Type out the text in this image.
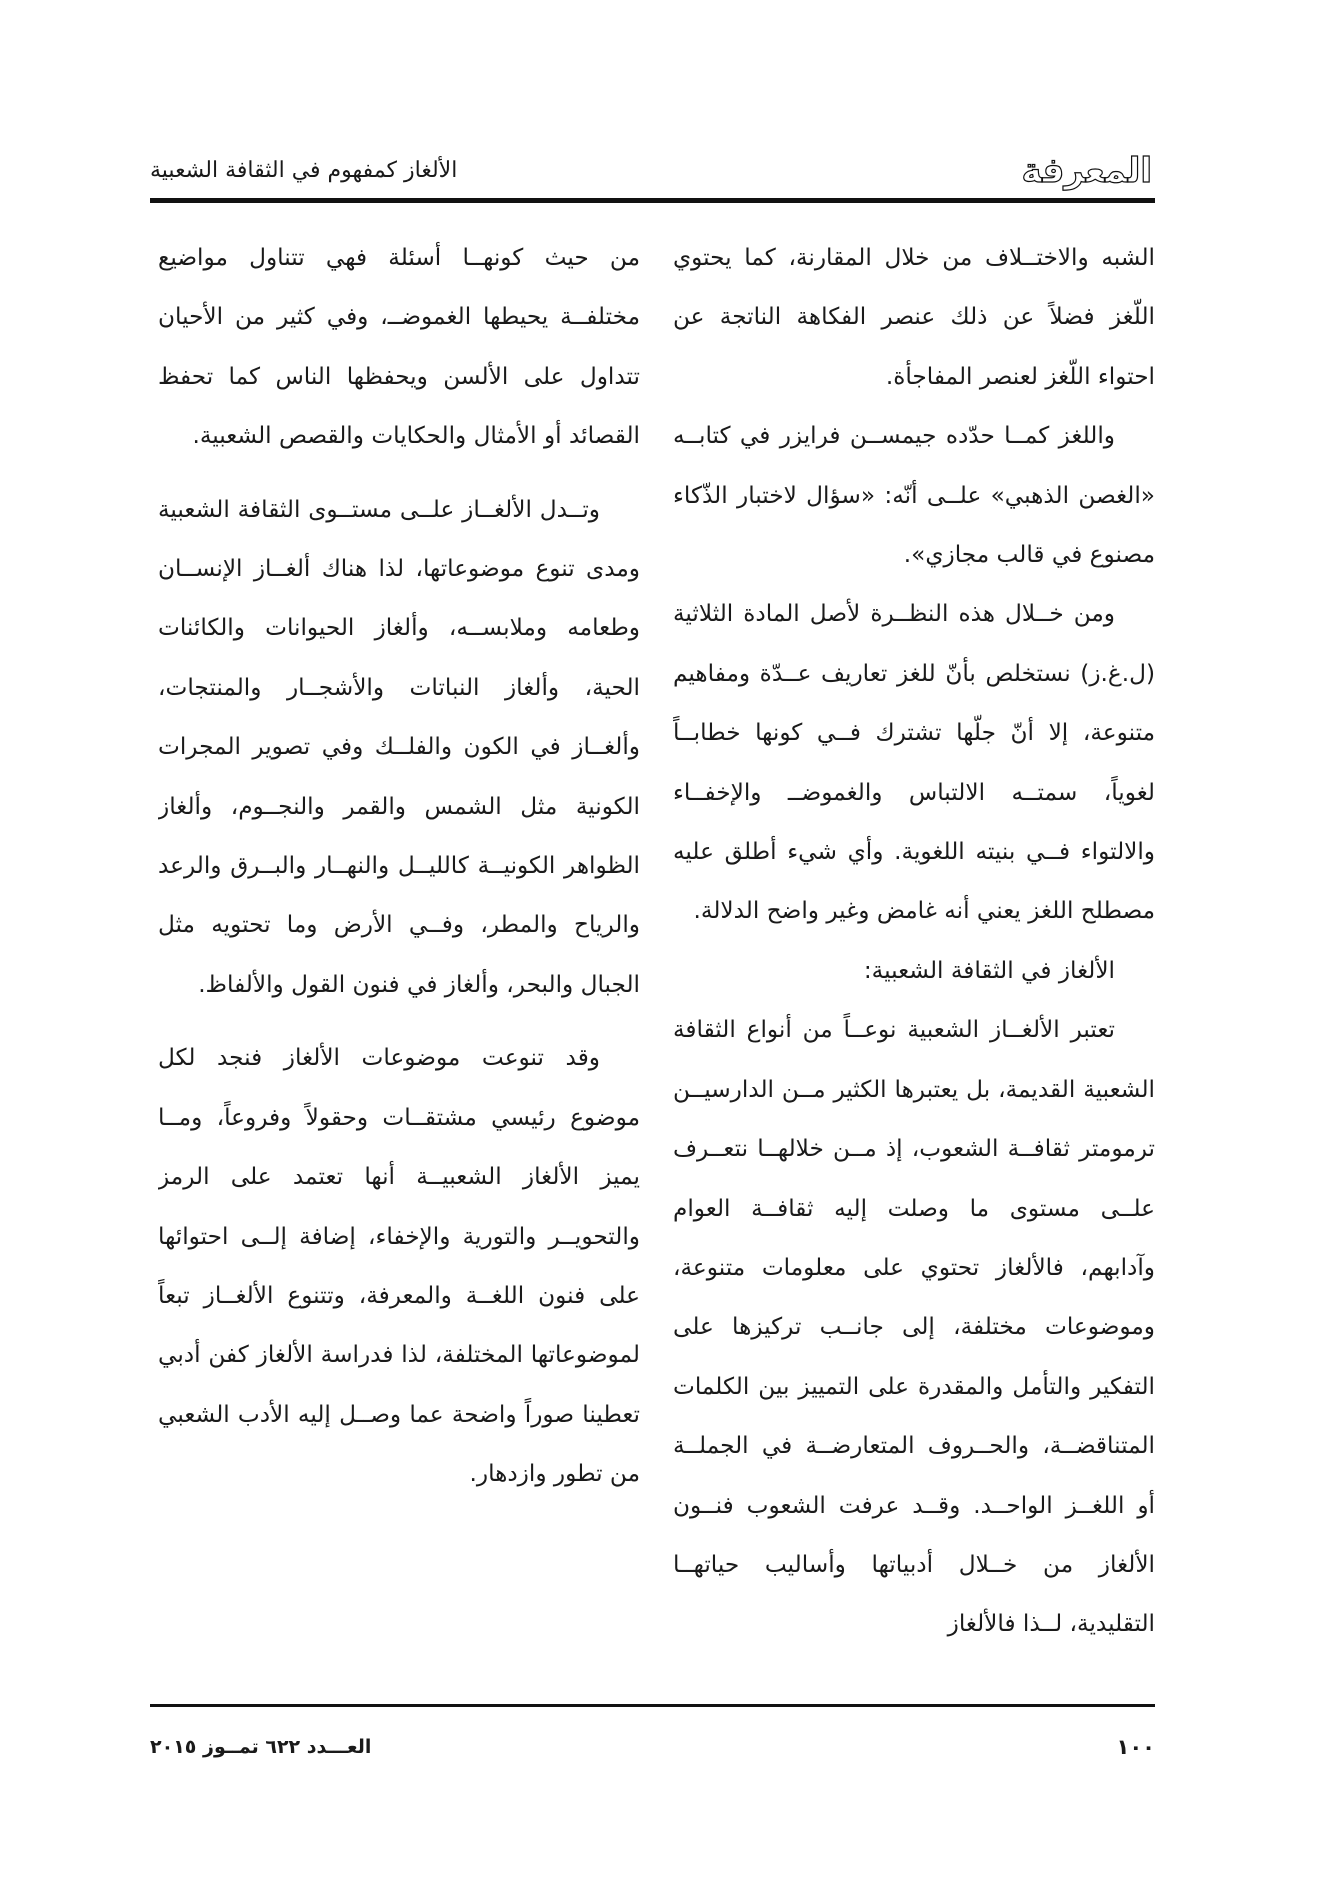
المعرفة
الألغاز كمفهوم في الثقافة الشعبية

الشبه والاختــلاف من خلال المقارنة، كما يحتوي اللّغز فضلاً عن ذلك عنصر الفكاهة الناتجة عن احتواء اللّغز لعنصر المفاجأة.

واللغز كمــا حدّده جيمســن فرايزر في كتابــه «الغصن الذهبي» علــى أنّه: «سؤال لاختبار الذّكاء مصنوع في قالب مجازي».

ومن خــلال هذه النظــرة لأصل المادة الثلاثية (ل.غ.ز) نستخلص بأنّ للغز تعاريف عــدّة ومفاهيم متنوعة، إلا أنّ جلّها تشترك فــي كونها خطابــاً لغوياً، سمتــه الالتباس والغموضــ والإخفــاء والالتواء فــي بنيته اللغوية. وأي شيء أطلق عليه مصطلح اللغز يعني أنه غامض وغير واضح الدلالة.

الألغاز في الثقافة الشعبية:

تعتبر الألغــاز الشعبية نوعــاً من أنواع الثقافة الشعبية القديمة، بل يعتبرها الكثير مــن الدارسيــن ترمومتر ثقافــة الشعوب، إذ مــن خلالهــا نتعــرف علــى مستوى ما وصلت إليه ثقافــة العوام وآدابهم، فالألغاز تحتوي على معلومات متنوعة، وموضوعات مختلفة، إلى جانــب تركيزها على التفكير والتأمل والمقدرة على التمييز بين الكلمات المتناقضــة، والحــروف المتعارضــة في الجملــة أو اللغــز الواحــد. وقــد عرفت الشعوب فنــون الألغاز من خــلال أدبياتها وأساليب حياتهــا التقليدية، لــذا فالألغاز

من حيث كونهــا أسئلة فهي تتناول مواضيع مختلفــة يحيطها الغموضــ، وفي كثير من الأحيان تتداول على الألسن ويحفظها الناس كما تحفظ القصائد أو الأمثال والحكايات والقصص الشعبية.

وتــدل الألغــاز علــى مستــوى الثقافة الشعبية ومدى تنوع موضوعاتها، لذا هناك ألغــاز الإنســان وطعامه وملابســه، وألغاز الحيوانات والكائنات الحية، وألغاز النباتات والأشجــار والمنتجات، وألغــاز في الكون والفلــك وفي تصوير المجرات الكونية مثل الشمس والقمر والنجــوم، وألغاز الظواهر الكونيــة كالليــل والنهــار والبــرق والرعد والرياح والمطر، وفــي الأرض وما تحتويه مثل الجبال والبحر، وألغاز في فنون القول والألفاظ.

وقد تنوعت موضوعات الألغاز فنجد لكل موضوع رئيسي مشتقــات وحقولاً وفروعاً، ومــا يميز الألغاز الشعبيــة أنها تعتمد على الرمز والتحويــر والتورية والإخفاء، إضافة إلــى احتوائها على فنون اللغــة والمعرفة، وتتنوع الألغــاز تبعاً لموضوعاتها المختلفة، لذا فدراسة الألغاز كفن أدبي تعطينا صوراً واضحة عما وصــل إليه الأدب الشعبي من تطور وازدهار.

١٠٠
العـــدد ٦٢٢ تمــوز ٢٠١٥
